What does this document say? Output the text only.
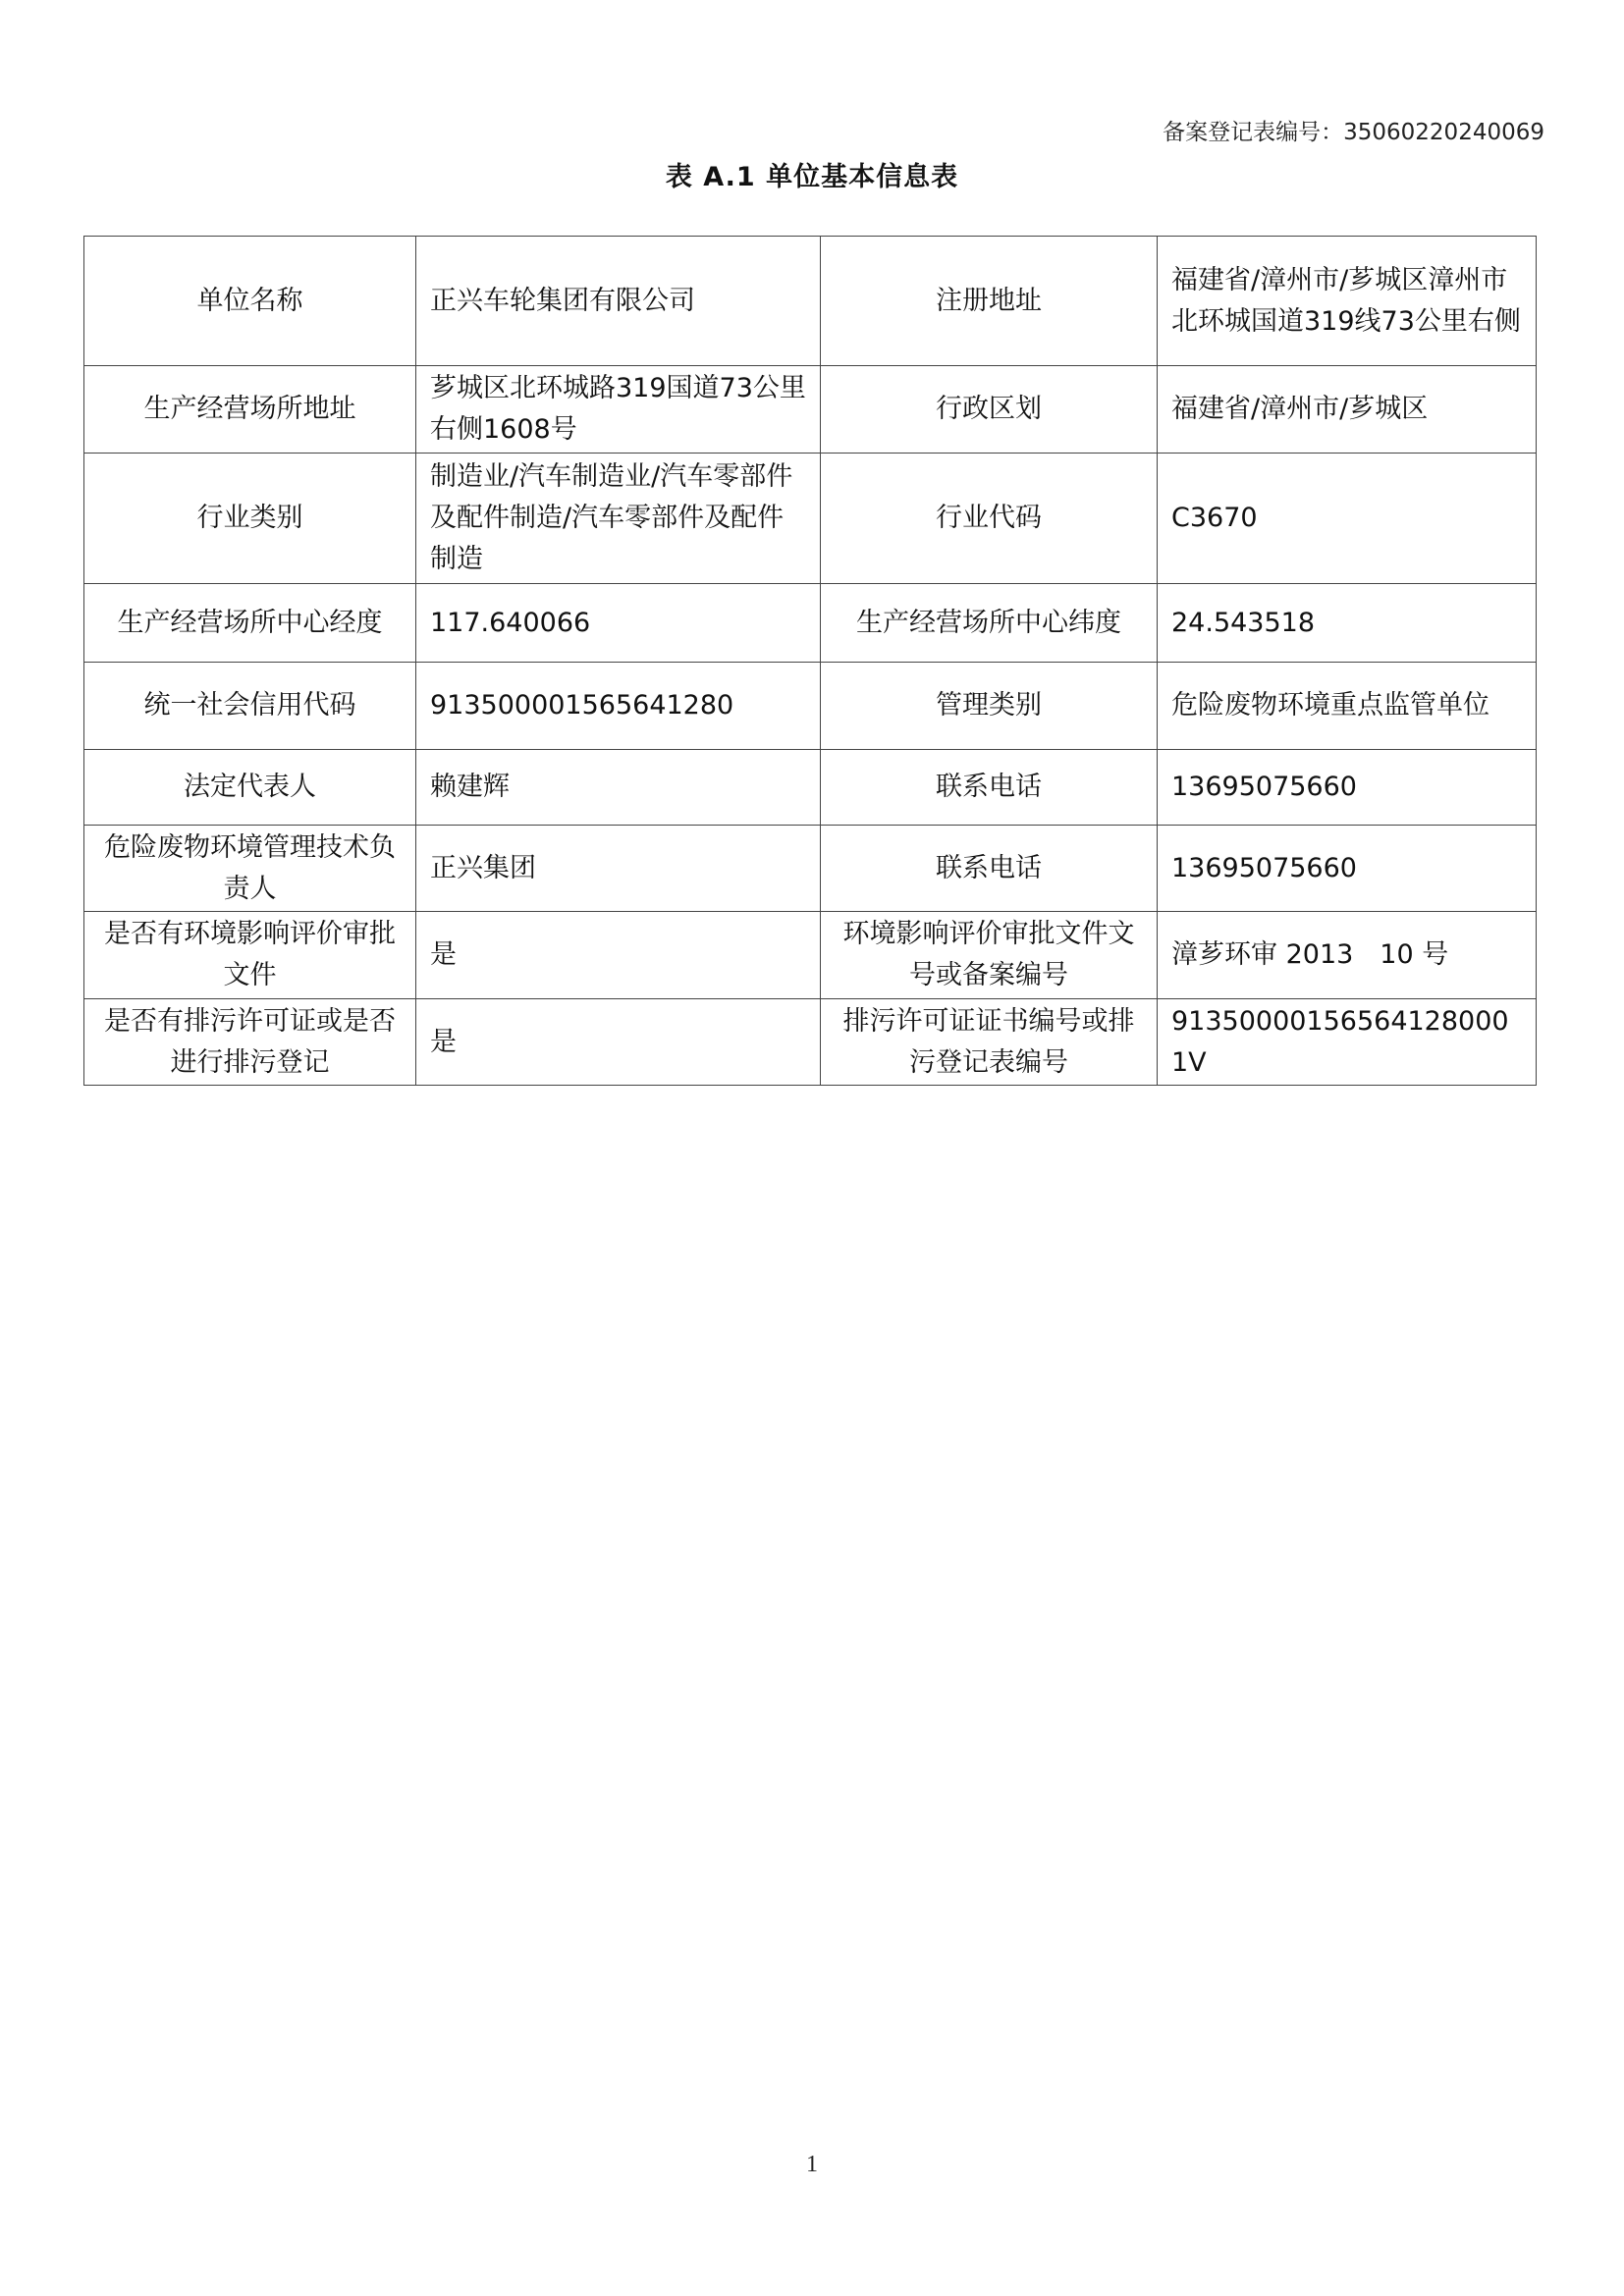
备案登记表编号：35060220240069
表 A.1 单位基本信息表
单位名称	正兴车轮集团有限公司	注册地址	福建省/漳州市/芗城区漳州市北环城国道319线73公里右侧
生产经营场所地址	芗城区北环城路319国道73公里右侧1608号	行政区划	福建省/漳州市/芗城区
行业类别	制造业/汽车制造业/汽车零部件及配件制造/汽车零部件及配件制造	行业代码	C3670
生产经营场所中心经度	117.640066	生产经营场所中心纬度	24.543518
统一社会信用代码	913500001565641280	管理类别	危险废物环境重点监管单位
法定代表人	赖建辉	联系电话	13695075660
危险废物环境管理技术负责人	正兴集团	联系电话	13695075660
是否有环境影响评价审批文件	是	环境影响评价审批文件文号或备案编号	漳芗环审 2013　10 号
是否有排污许可证或是否进行排污登记	是	排污许可证证书编号或排污登记表编号	913500001565641280001V
1
